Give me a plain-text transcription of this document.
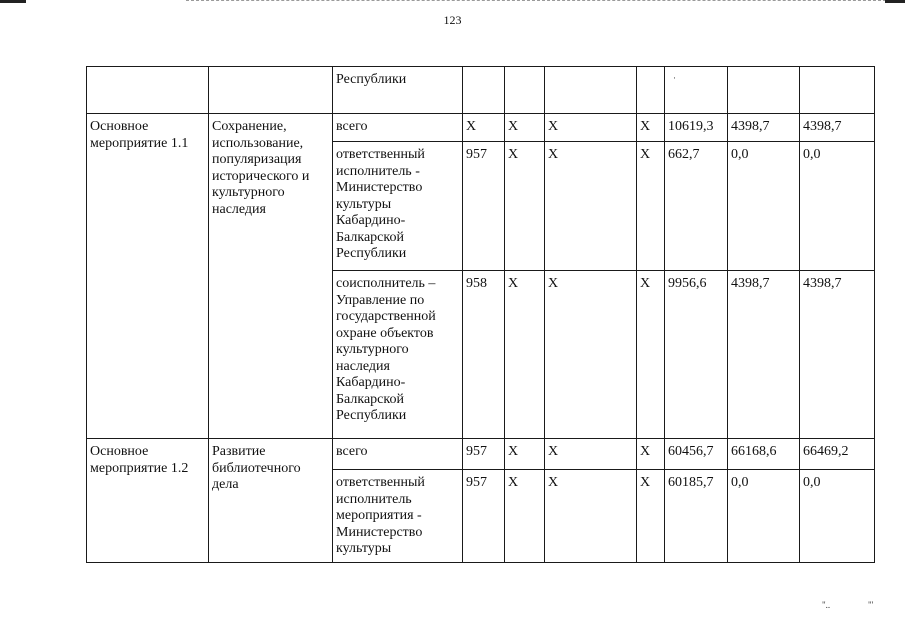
123
		Республики					·		

Основное мероприятие 1.1	Сохранение, использование, популяризация исторического и культурного наследия	всего	X	X	X	X	10619,3	4398,7	4398,7
		ответственный исполнитель - Министерство культуры Кабардино-Балкарской Республики	957	X	X	X	662,7	0,0	0,0
		соисполнитель – Управление по государственной охране объектов культурного наследия Кабардино-Балкарской Республики	958	X	X	X	9956,6	4398,7	4398,7
Основное мероприятие 1.2	Развитие библиотечного дела	всего	957	X	X	X	60456,7	66168,6	66469,2
		ответственный исполнитель мероприятия - Министерство культуры	957	X	X	X	60185,7	0,0	0,0
"..	"'
